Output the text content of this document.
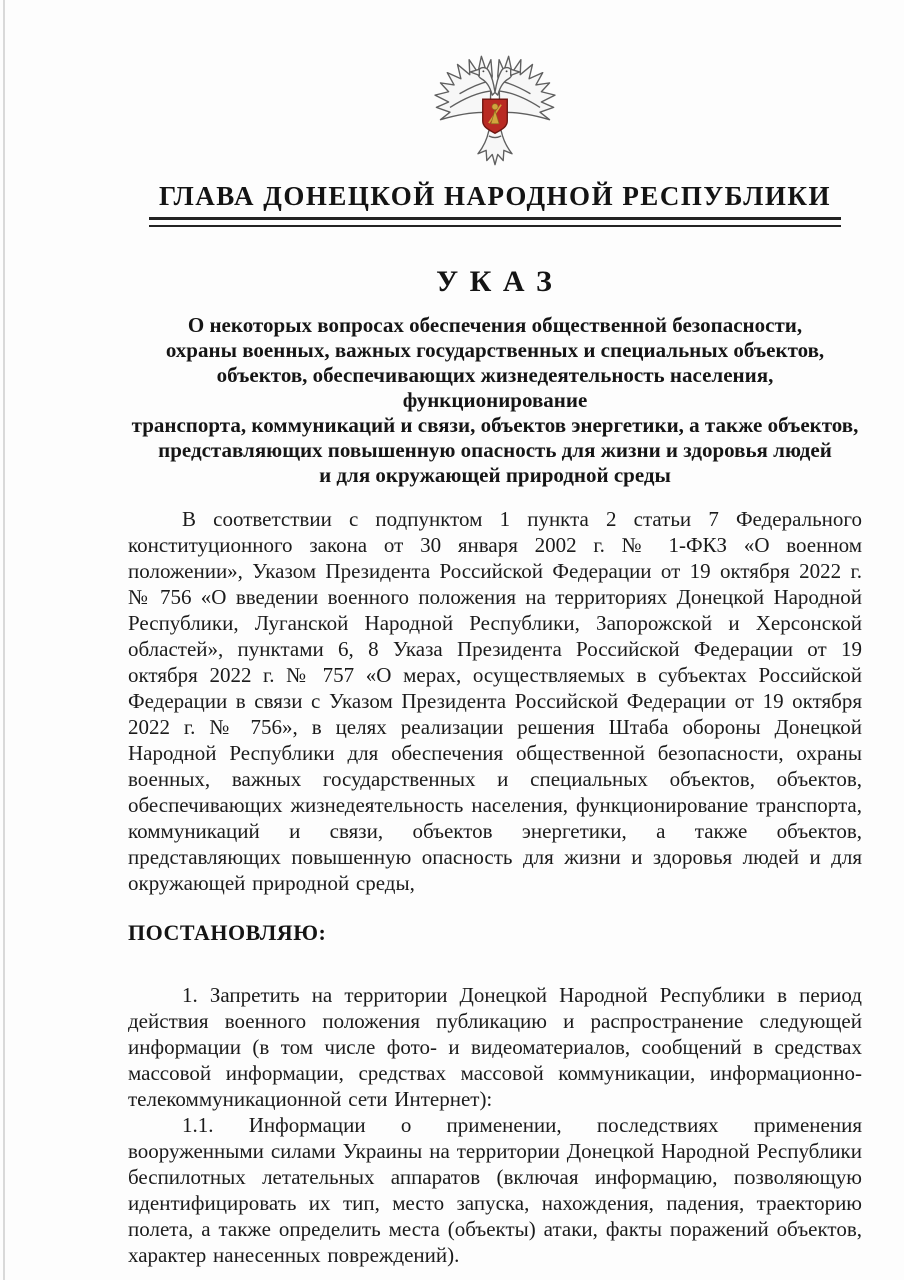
ГЛАВА ДОНЕЦКОЙ НАРОДНОЙ РЕСПУБЛИКИ
У К А З
О некоторых вопросах обеспечения общественной безопасности,
охраны военных, важных государственных и специальных объектов,
объектов, обеспечивающих жизнедеятельность населения, функционирование
транспорта, коммуникаций и связи, объектов энергетики, а также объектов,
представляющих повышенную опасность для жизни и здоровья людей
и для окружающей природной среды

В соответствии с подпунктом 1 пункта 2 статьи 7 Федерального конституционного закона от 30 января 2002 г. № 1-ФКЗ «О военном положении», Указом Президента Российской Федерации от 19 октября 2022 г. № 756 «О введении военного положения на территориях Донецкой Народной Республики, Луганской Народной Республики, Запорожской и Херсонской областей», пунктами 6, 8 Указа Президента Российской Федерации от 19 октября 2022 г. № 757 «О мерах, осуществляемых в субъектах Российской Федерации в связи с Указом Президента Российской Федерации от 19 октября 2022 г. № 756», в целях реализации решения Штаба обороны Донецкой Народной Республики для обеспечения общественной безопасности, охраны военных, важных государственных и специальных объектов, объектов, обеспечивающих жизнедеятельность населения, функционирование транспорта, коммуникаций и связи, объектов энергетики, а также объектов, представляющих повышенную опасность для жизни и здоровья людей и для окружающей природной среды,

ПОСТАНОВЛЯЮ:

1. Запретить на территории Донецкой Народной Республики в период действия военного положения публикацию и распространение следующей информации (в том числе фото- и видеоматериалов, сообщений в средствах массовой информации, средствах массовой коммуникации, информационно-телекоммуникационной сети Интернет):

1.1. Информации о применении, последствиях применения вооруженными силами Украины на территории Донецкой Народной Республики беспилотных летательных аппаратов (включая информацию, позволяющую идентифицировать их тип, место запуска, нахождения, падения, траекторию полета, а также определить места (объекты) атаки, факты поражений объектов, характер нанесенных повреждений).
